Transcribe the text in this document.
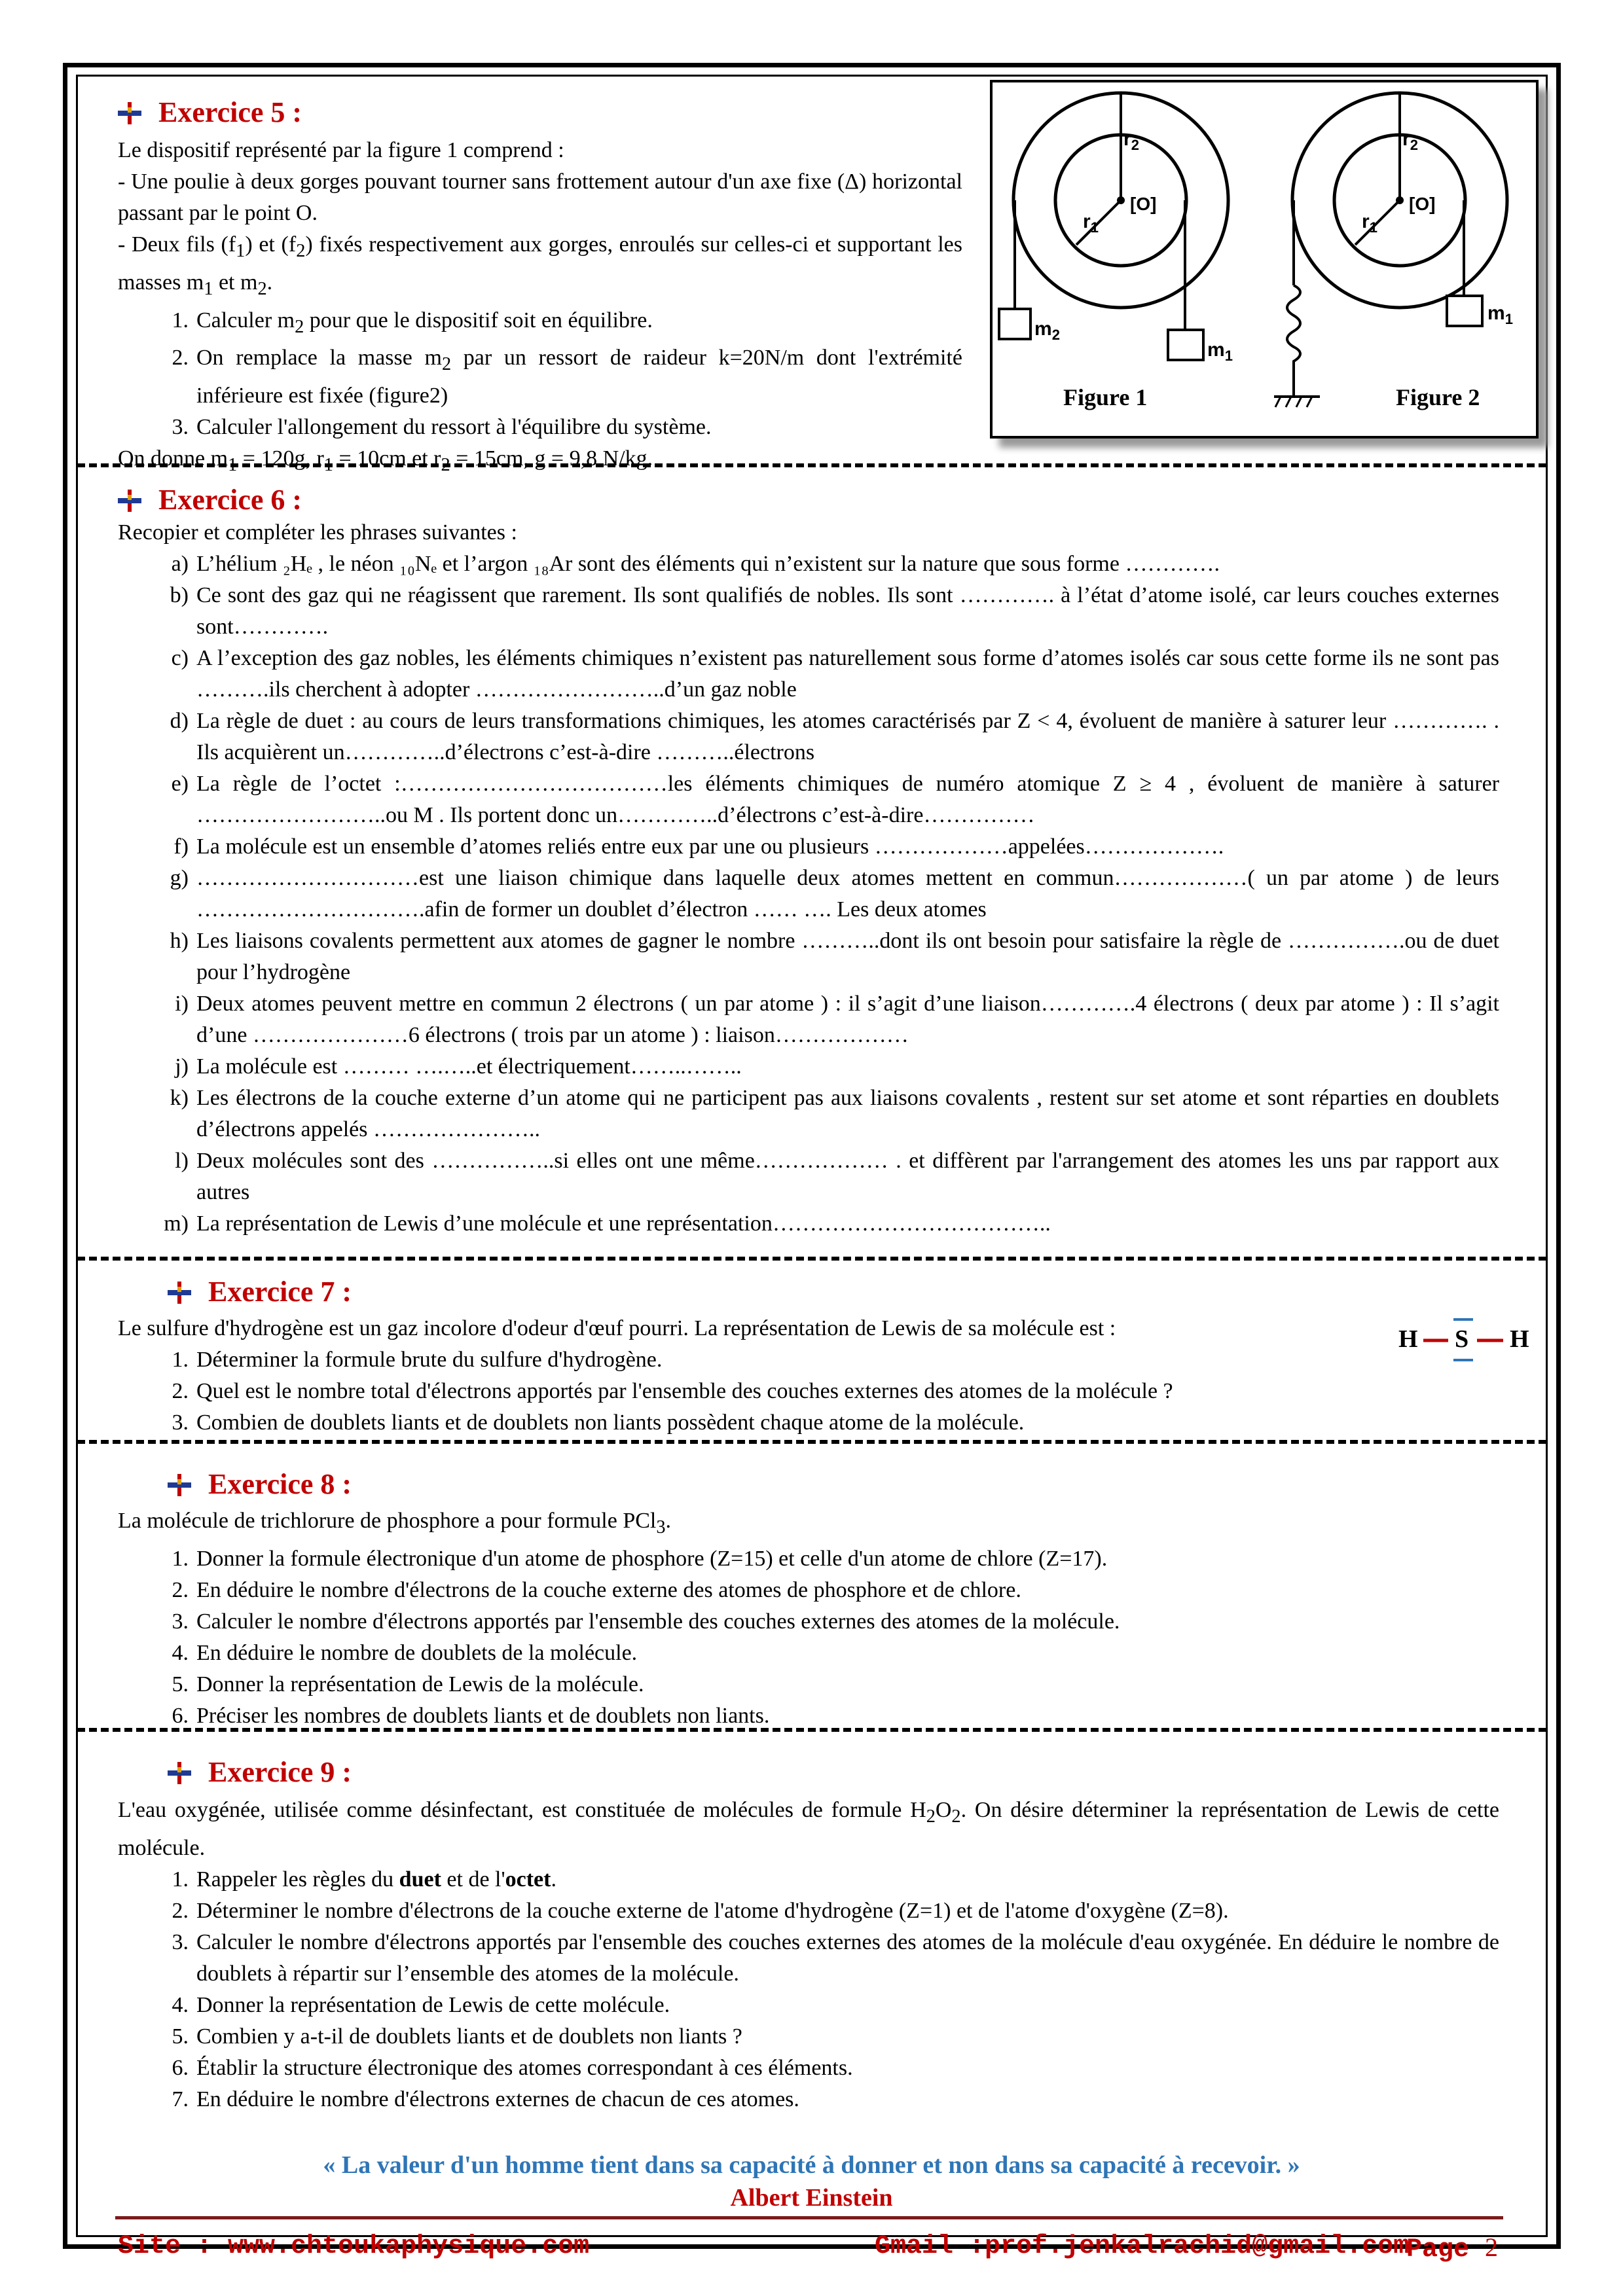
Exercice 5 :

Le dispositif représenté par la figure 1 comprend :

- Une poulie à deux gorges pouvant tourner sans frottement autour d'un axe fixe (Δ) horizontal passant par le point O.

- Deux fils $(f_1)$ et $(f_2)$ fixés respectivement aux gorges, enroulés sur celles-ci et supportant les masses $m_1$ et $m_2$.

1. Calculer $m_2$ pour que le dispositif soit en équilibre.
2. On remplace la masse $m_2$ par un ressort de raideur k=20N/m dont l'extrémité inférieure est fixée (figure2)
3. Calculer l'allongement du ressort à l'équilibre du système.

On donne $m_1 = 120g$, $r_1 = 10cm$ et $r_2 = 15cm$, g = 9,8 N/kg.

$r_2$
[O]
$r_1$
$m_2$
$m_1$
Figure 1
$r_2$
[O]
$r_1$
$m_1$
Figure 2
Exercice 6 :

Recopier et compléter les phrases suivantes :

a) L’hélium ₂Hₑ , le néon ₁₀Nₑ et l’argon ₁₈Ar sont des éléments qui n’existent sur la nature que sous forme ………….
b) Ce sont des gaz qui ne réagissent que rarement. Ils sont qualifiés de nobles. Ils sont …………. à l’état d’atome isolé, car leurs couches externes sont………….
c) A l’exception des gaz nobles, les éléments chimiques n’existent pas naturellement sous forme d’atomes isolés car sous cette forme ils ne sont pas ……….ils cherchent à adopter ……………………..d’un gaz noble
d) La règle de duet : au cours de leurs transformations chimiques, les atomes caractérisés par Z < 4, évoluent de manière à saturer leur …………. . Ils acquièrent un…………..d’électrons c’est-à-dire ………..électrons
e) La règle de l’octet :………………………………les éléments chimiques de numéro atomique Z ≥ 4 , évoluent de manière à saturer ……………………..ou M . Ils portent donc un…………..d’électrons c’est-à-dire……………
f) La molécule est un ensemble d’atomes reliés entre eux par une ou plusieurs ………………appelées……………….
g) …………………………est une liaison chimique dans laquelle deux atomes mettent en commun………………( un par atome ) de leurs ………………………….afin de former un doublet d’électron …… …. Les deux atomes
h) Les liaisons covalents permettent aux atomes de gagner le nombre ………..dont ils ont besoin pour satisfaire la règle de …………….ou de duet pour l’hydrogène
i) Deux atomes peuvent mettre en commun 2 électrons ( un par atome ) : il s’agit d’une liaison………….4 électrons ( deux par atome ) : Il s’agit d’une …………………6 électrons ( trois par un atome ) : liaison………………
j) La molécule est ……… ….…..et électriquement……..……..
k) Les électrons de la couche externe d’un atome qui ne participent pas aux liaisons covalents , restent sur set atome et sont réparties en doublets d’électrons appelés …………………..
l) Deux molécules sont des ……………..si elles ont une même……………… . et diffèrent par l'arrangement des atomes les uns par rapport aux autres
m) La représentation de Lewis d’une molécule et une représentation………………………………..
Exercice 7 :

Le sulfure d'hydrogène est un gaz incolore d'odeur d'œuf pourri. La représentation de Lewis de sa molécule est :

1. Déterminer la formule brute du sulfure d'hydrogène.
2. Quel est le nombre total d'électrons apportés par l'ensemble des couches externes des atomes de la molécule ?
3. Combien de doublets liants et de doublets non liants possèdent chaque atome de la molécule.
H S H
Exercice 8 :

La molécule de trichlorure de phosphore a pour formule PCl$_3$.

1. Donner la formule électronique d'un atome de phosphore (Z=15) et celle d'un atome de chlore (Z=17).
2. En déduire le nombre d'électrons de la couche externe des atomes de phosphore et de chlore.
3. Calculer le nombre d'électrons apportés par l'ensemble des couches externes des atomes de la molécule.
4. En déduire le nombre de doublets de la molécule.
5. Donner la représentation de Lewis de la molécule.
6. Préciser les nombres de doublets liants et de doublets non liants.
Exercice 9 :

L'eau oxygénée, utilisée comme désinfectant, est constituée de molécules de formule $H_2O_2$. On désire déterminer la représentation de Lewis de cette molécule.

1. Rappeler les règles du duet et de l'octet.
2. Déterminer le nombre d'électrons de la couche externe de l'atome d'hydrogène (Z=1) et de l'atome d'oxygène (Z=8).
3. Calculer le nombre d'électrons apportés par l'ensemble des couches externes des atomes de la molécule d'eau oxygénée. En déduire le nombre de doublets à répartir sur l’ensemble des atomes de la molécule.
4. Donner la représentation de Lewis de cette molécule.
5. Combien y a-t-il de doublets liants et de doublets non liants ?
6. Établir la structure électronique des atomes correspondant à ces éléments.
7. En déduire le nombre d'électrons externes de chacun de ces atomes.
« La valeur d'un homme tient dans sa capacité à donner et non dans sa capacité à recevoir. »
Albert Einstein
Site : www.chtoukaphysique.com	Gmail :prof.jenkalrachid@gmail.com
Page 2
